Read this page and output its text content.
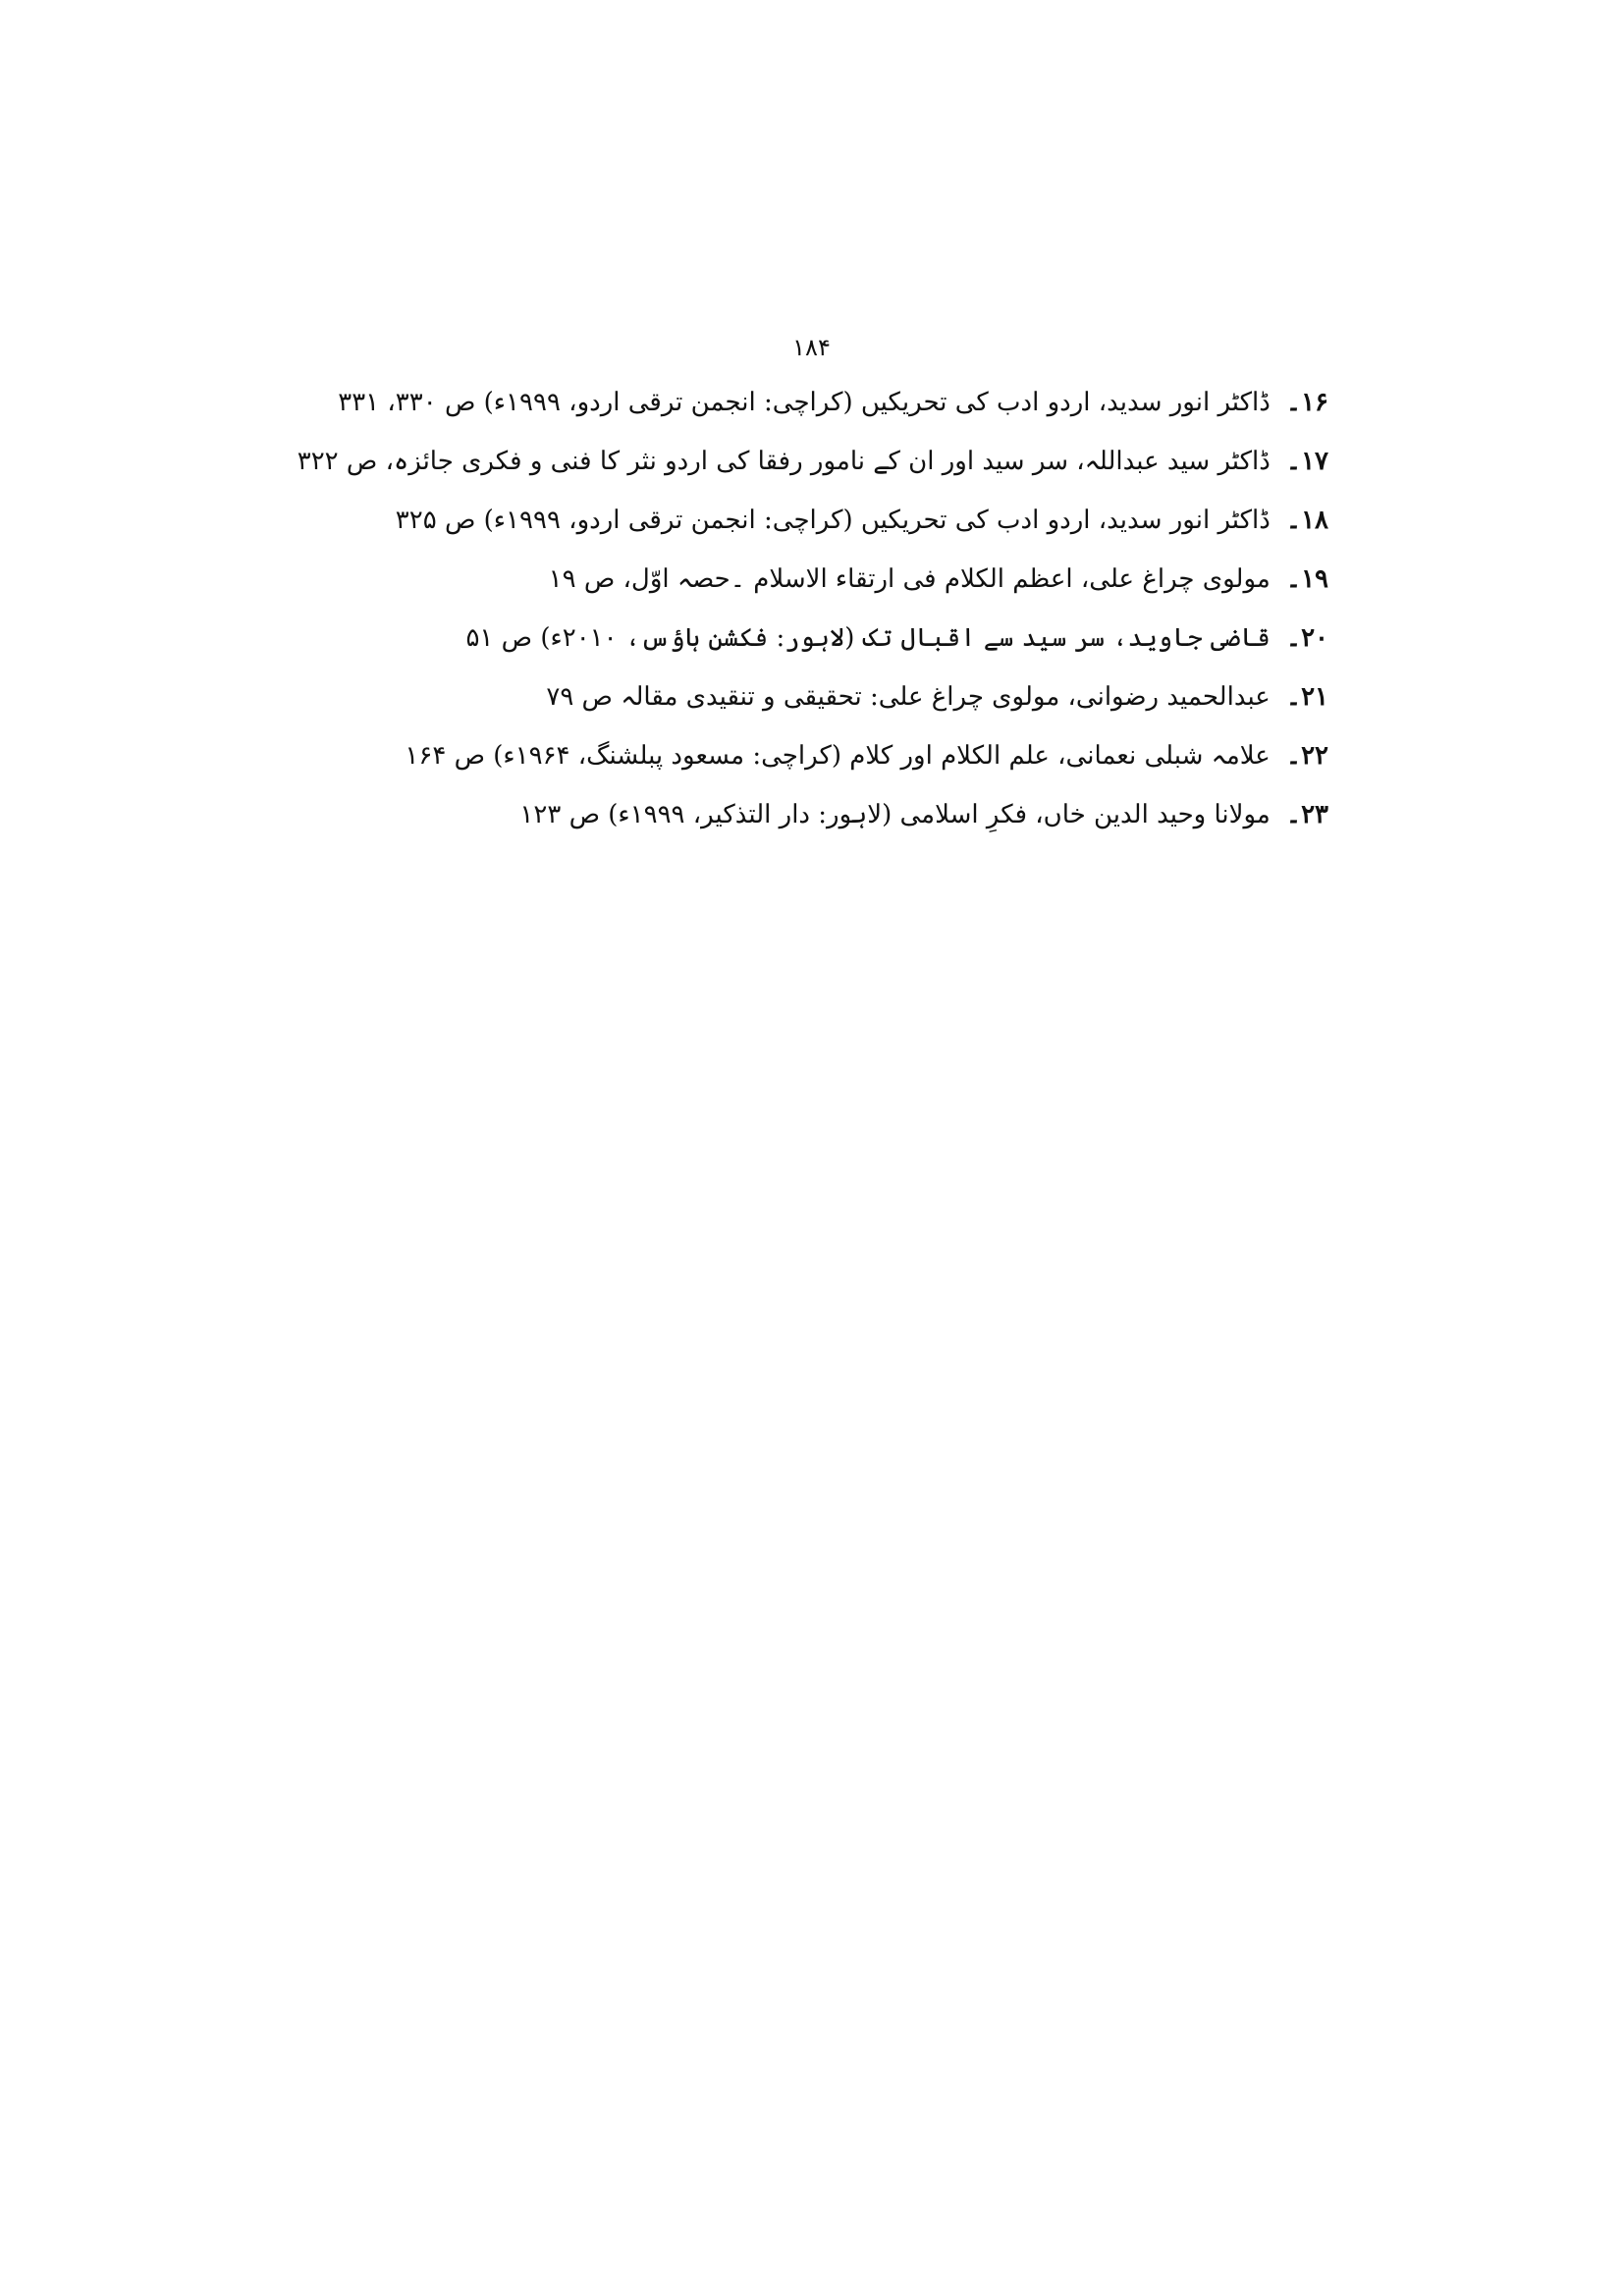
۱۸۴
۱۶۔
ڈاکٹر انور سدید، اردو ادب کی تحریکیں (کراچی: انجمن ترقی اردو، ۱۹۹۹ء) ص ۳۳۰، ۳۳۱
۱۷۔
ڈاکٹر سید عبداللہ، سر سید اور ان کے نامور رفقا کی اردو نثر کا فنی و فکری جائزہ، ص ۳۲۲
۱۸۔
ڈاکٹر انور سدید، اردو ادب کی تحریکیں (کراچی: انجمن ترقی اردو، ۱۹۹۹ء) ص ۳۲۵
۱۹۔
مولوی چراغ علی، اعظم الکلام فی ارتقاء الاسلام ۔حصہ اوّل، ص ۱۹
۲۰۔
قاضی جاوید، سر سید سے اقبال تک (لاہور: فکشن ہاؤس، ۲۰۱۰ء) ص ۵۱
۲۱۔
عبدالحمید رضوانی، مولوی چراغ علی: تحقیقی و تنقیدی مقالہ ص ۷۹
۲۲۔
علامہ شبلی نعمانی، علم الکلام اور کلام (کراچی: مسعود پبلشنگ، ۱۹۶۴ء) ص ۱۶۴
۲۳۔
مولانا وحید الدین خاں، فکرِ اسلامی (لاہور: دار التذکیر، ۱۹۹۹ء) ص ۱۲۳
